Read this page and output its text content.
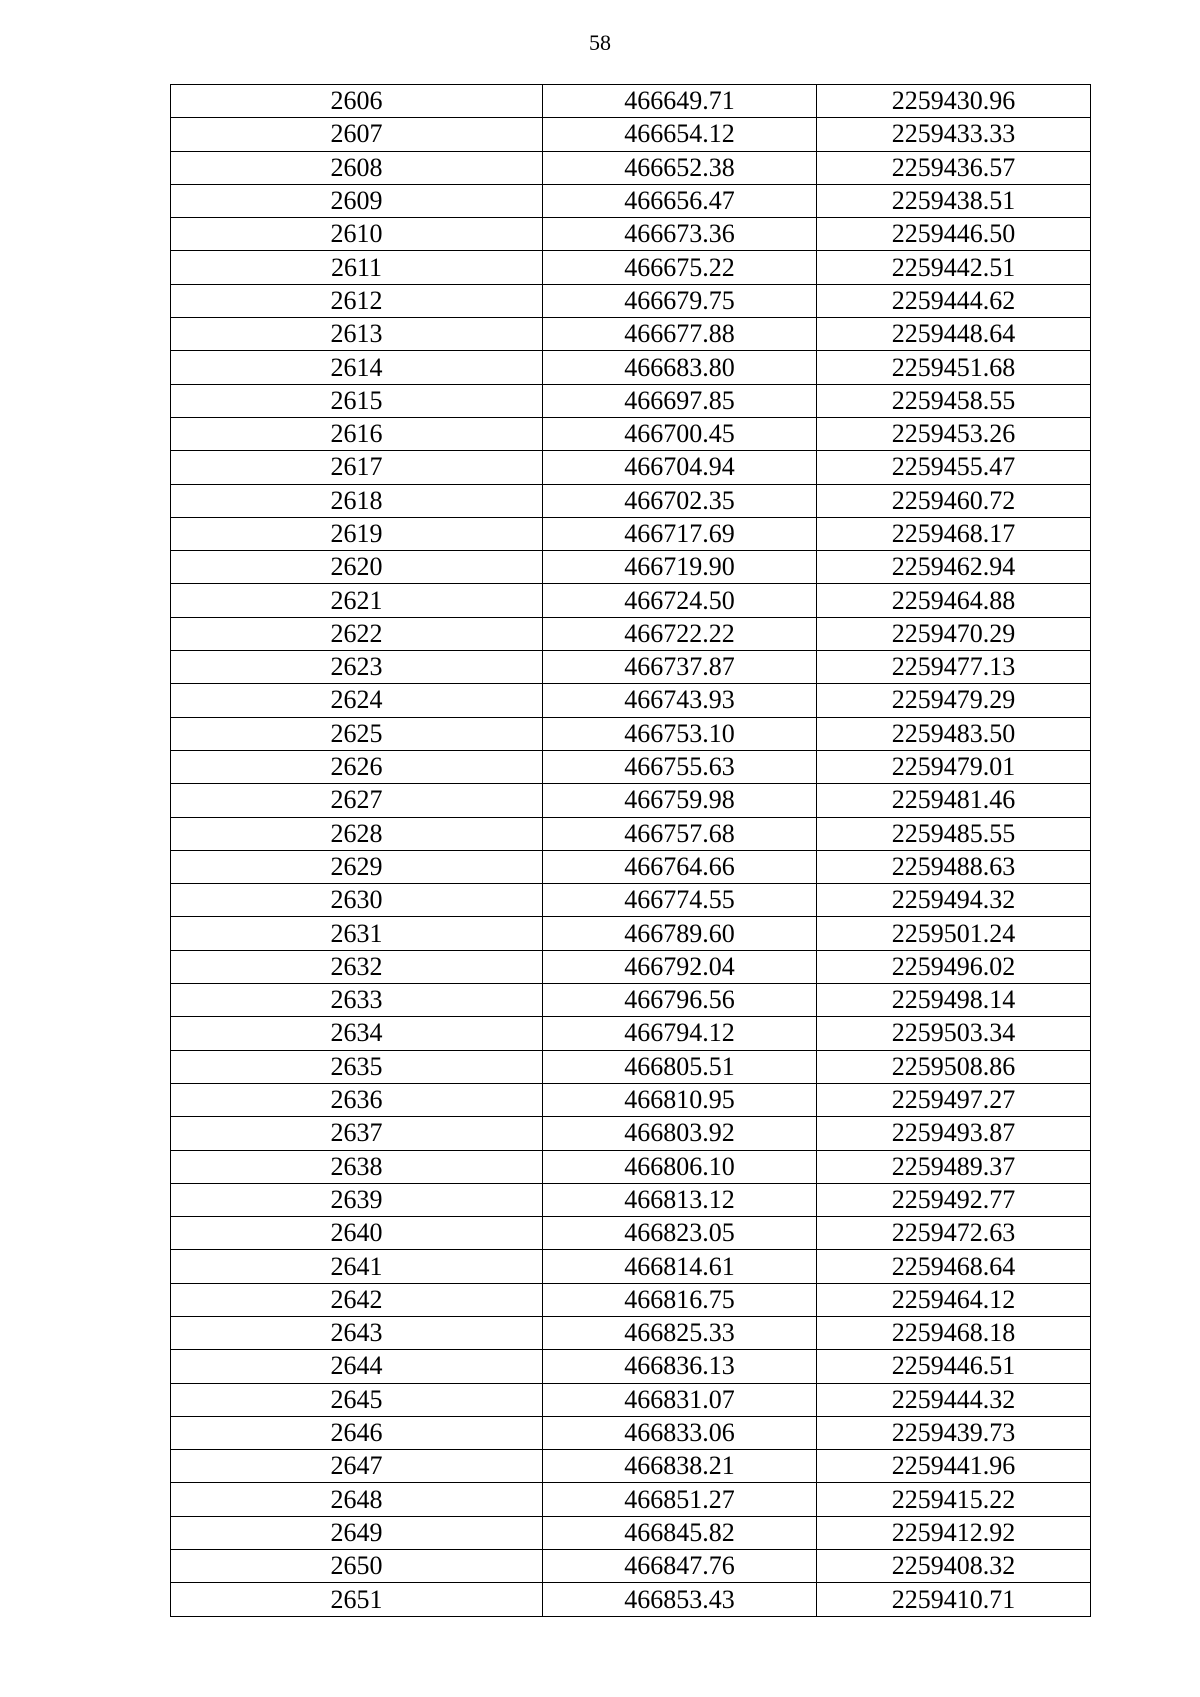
58
2606	466649.71	2259430.96
2607	466654.12	2259433.33
2608	466652.38	2259436.57
2609	466656.47	2259438.51
2610	466673.36	2259446.50
2611	466675.22	2259442.51
2612	466679.75	2259444.62
2613	466677.88	2259448.64
2614	466683.80	2259451.68
2615	466697.85	2259458.55
2616	466700.45	2259453.26
2617	466704.94	2259455.47
2618	466702.35	2259460.72
2619	466717.69	2259468.17
2620	466719.90	2259462.94
2621	466724.50	2259464.88
2622	466722.22	2259470.29
2623	466737.87	2259477.13
2624	466743.93	2259479.29
2625	466753.10	2259483.50
2626	466755.63	2259479.01
2627	466759.98	2259481.46
2628	466757.68	2259485.55
2629	466764.66	2259488.63
2630	466774.55	2259494.32
2631	466789.60	2259501.24
2632	466792.04	2259496.02
2633	466796.56	2259498.14
2634	466794.12	2259503.34
2635	466805.51	2259508.86
2636	466810.95	2259497.27
2637	466803.92	2259493.87
2638	466806.10	2259489.37
2639	466813.12	2259492.77
2640	466823.05	2259472.63
2641	466814.61	2259468.64
2642	466816.75	2259464.12
2643	466825.33	2259468.18
2644	466836.13	2259446.51
2645	466831.07	2259444.32
2646	466833.06	2259439.73
2647	466838.21	2259441.96
2648	466851.27	2259415.22
2649	466845.82	2259412.92
2650	466847.76	2259408.32
2651	466853.43	2259410.71
